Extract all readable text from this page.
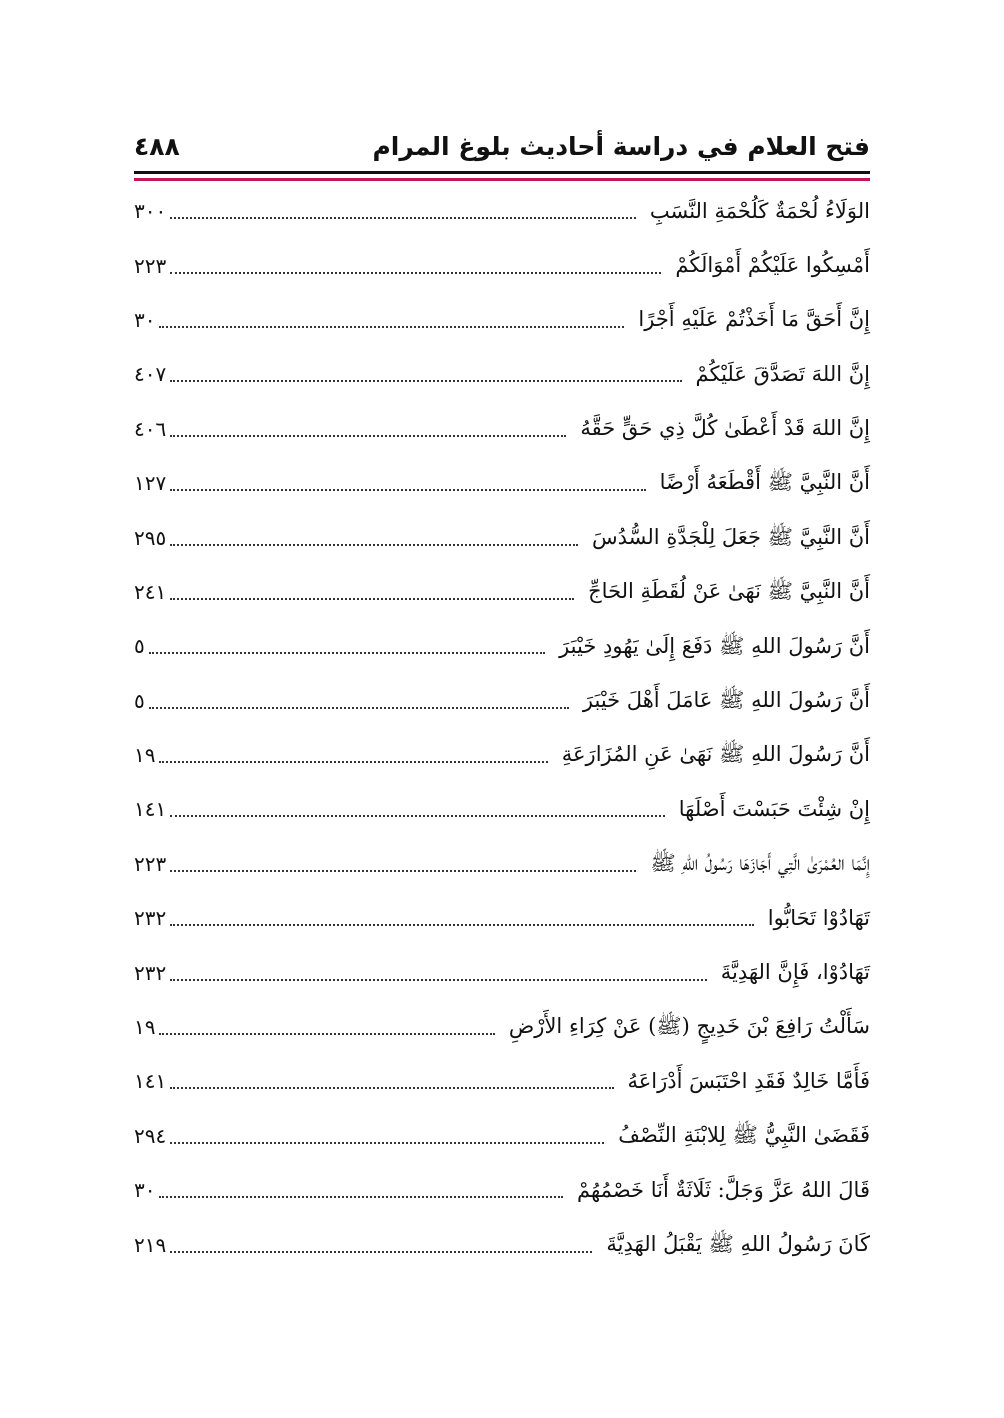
فتح العلام في دراسة أحاديث بلوغ المرام
٤٨٨
الوَلَاءُ لُحْمَةٌ كَلُحْمَةِ النَّسَبِ
٣٠٠
أَمْسِكُوا عَلَيْكُمْ أَمْوَالَكُمْ
٢٢٣
إِنَّ أَحَقَّ مَا أَخَذْتُمْ عَلَيْهِ أَجْرًا
٣٠
إِنَّ اللهَ تَصَدَّقَ عَلَيْكُمْ
٤٠٧
إِنَّ اللهَ قَدْ أَعْطَىٰ كُلَّ ذِي حَقٍّ حَقَّهُ
٤٠٦
أَنَّ النَّبِيَّ ﷺ أَقْطَعَهُ أَرْضًا
١٢٧
أَنَّ النَّبِيَّ ﷺ جَعَلَ لِلْجَدَّةِ السُّدُسَ
٢٩٥
أَنَّ النَّبِيَّ ﷺ نَهَىٰ عَنْ لُقَطَةِ الحَاجِّ
٢٤١
أَنَّ رَسُولَ اللهِ ﷺ دَفَعَ إِلَىٰ يَهُودِ خَيْبَرَ
٥
أَنَّ رَسُولَ اللهِ ﷺ عَامَلَ أَهْلَ خَيْبَرَ
٥
أَنَّ رَسُولَ اللهِ ﷺ نَهَىٰ عَنِ المُزَارَعَةِ
١٩
إِنْ شِئْتَ حَبَسْتَ أَصْلَهَا
١٤١
إِنَّمَا العُمْرَىٰ الَّتِي أَجَازَهَا رَسُولُ اللهِ ﷺ
٢٢٣
تَهَادُوْا تَحَابُّوا
٢٣٢
تَهَادُوْا، فَإِنَّ الهَدِيَّةَ
٢٣٢
سَأَلْتُ رَافِعَ بْنَ خَدِيجٍ (ﷺ) عَنْ كِرَاءِ الأَرْضِ
١٩
فَأَمَّا خَالِدٌ فَقَدِ احْتَبَسَ أَدْرَاعَهُ
١٤١
فَقَضَىٰ النَّبِيُّ ﷺ لِلابْنَةِ النِّصْفُ
٢٩٤
قَالَ اللهُ عَزَّ وَجَلَّ: ثَلَاثَةٌ أَنَا خَصْمُهُمْ
٣٠
كَانَ رَسُولُ اللهِ ﷺ يَقْبَلُ الهَدِيَّةَ
٢١٩
